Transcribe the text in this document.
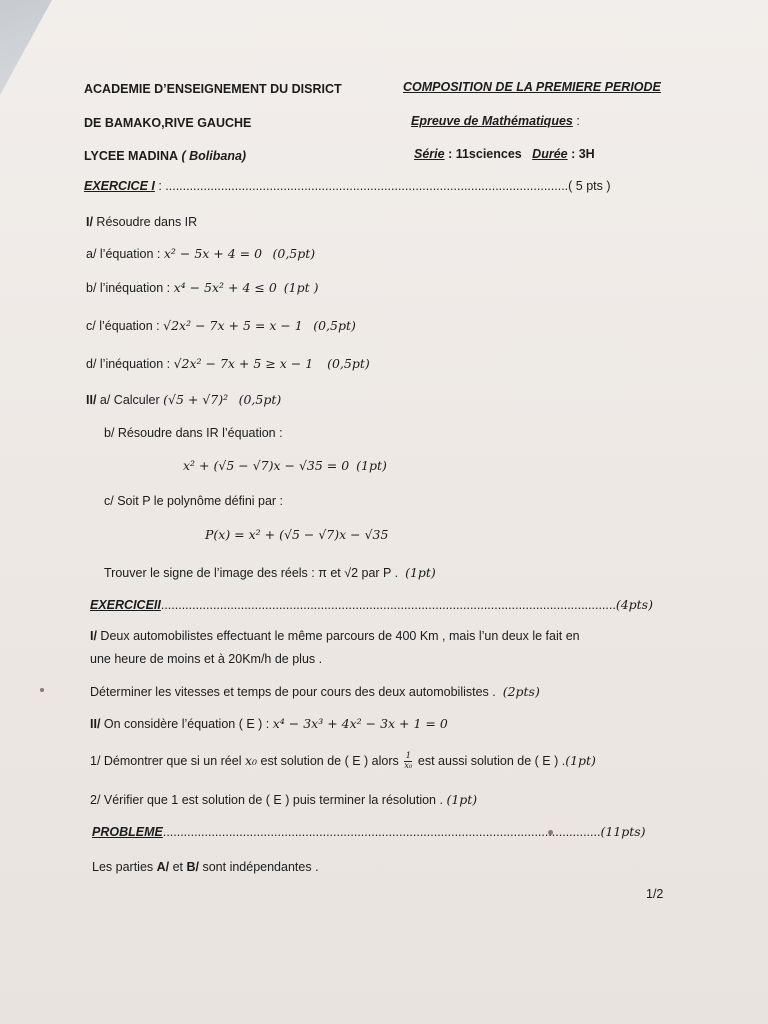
ACADEMIE D’ENSEIGNEMENT DU DISRICT
DE BAMAKO,RIVE GAUCHE
LYCEE MADINA ( Bolibana)
COMPOSITION DE LA PREMIERE PERIODE
Epreuve de Mathématiques :
Série : 11sciences Durée : 3H
EXERCICE I : ....................................................................................................................( 5 pts )
I/ Résoudre dans IR
a/ l’équation : x² − 5x + 4 = 0 (0,5pt)
b/ l’inéquation : x⁴ − 5x² + 4 ≤ 0 (1pt )
c/ l’équation : √2x² − 7x + 5 = x − 1 (0,5pt)
d/ l’inéquation : √2x² − 7x + 5 ≥ x − 1 (0,5pt)
II/ a/ Calculer (√5 + √7)² (0,5pt)
b/ Résoudre dans IR l’équation :
x² + (√5 − √7)x − √35 = 0 (1pt)
c/ Soit P le polynôme défini par :
P(x) = x² + (√5 − √7)x − √35
Trouver le signe de l’image des réels : π et √2 par P . (1pt)
EXERCICEII...................................................................................................................................(4pts)
I/ Deux automobilistes effectuant le même parcours de 400 Km , mais l’un deux le fait en
une heure de moins et à 20Km/h de plus .
Déterminer les vitesses et temps de pour cours des deux automobilistes . (2pts)
II/ On considère l’équation ( E ) : x⁴ − 3x³ + 4x² − 3x + 1 = 0
1/ Démontrer que si un réel x₀ est solution de ( E ) alors $\frac{1}{\text{x₀}}$ est aussi solution de ( E ) .(1pt)
2/ Vérifier que 1 est solution de ( E ) puis terminer la résolution . (1pt)
PROBLEME..............................................................................................................................(11pts)
Les parties A/ et B/ sont indépendantes .
1/2
